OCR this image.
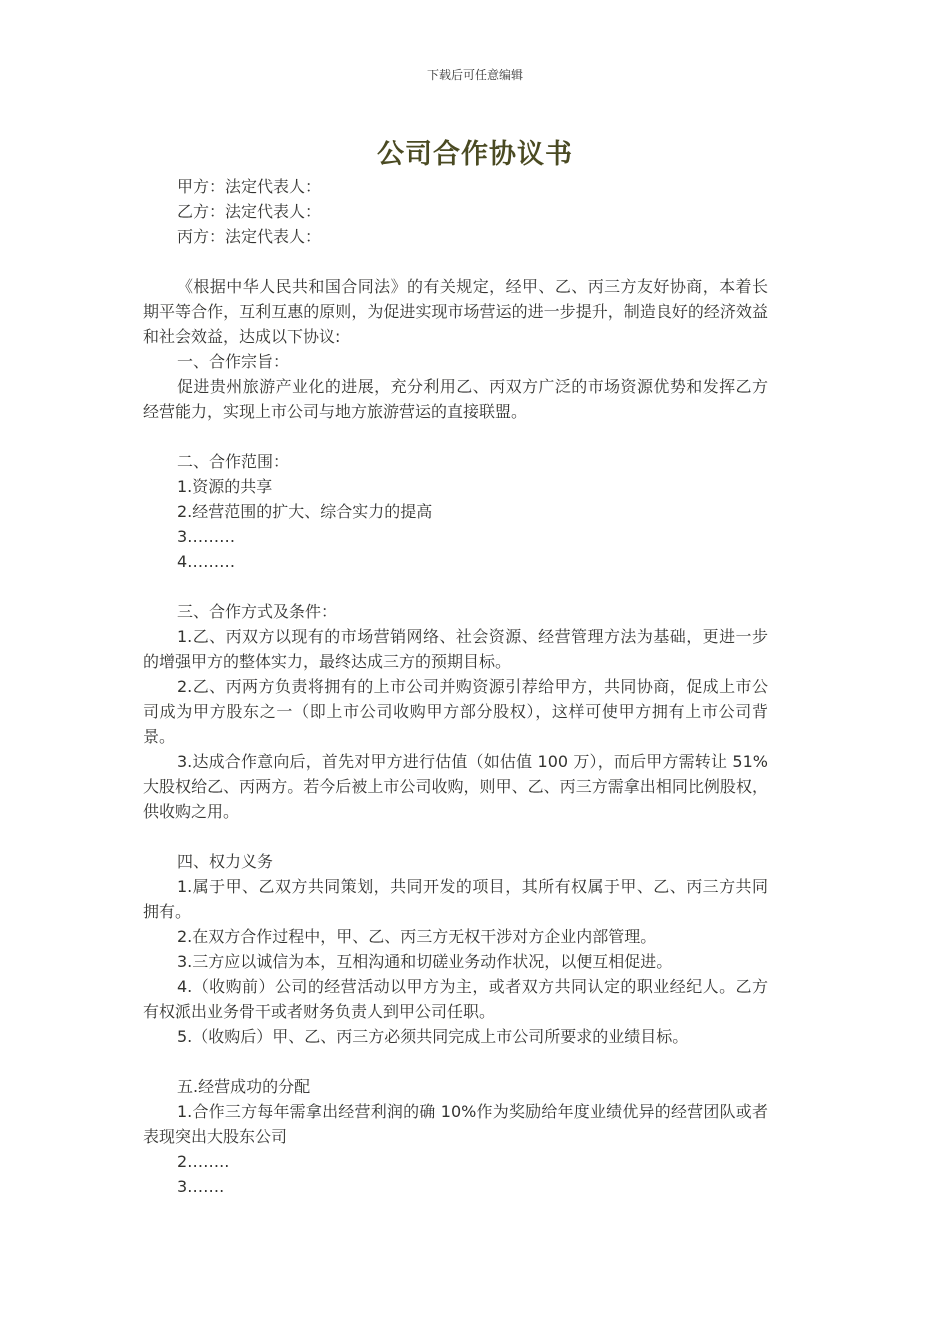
下载后可任意编辑
公司合作协议书
甲方：法定代表人：
乙方：法定代表人：
丙方：法定代表人：
《根据中华人民共和国合同法》的有关规定，经甲、乙、丙三方友好协商，本着长期平等合作，互利互惠的原则，为促进实现市场营运的进一步提升，制造良好的经济效益和社会效益，达成以下协议:
一、合作宗旨：
促进贵州旅游产业化的进展，充分利用乙、丙双方广泛的市场资源优势和发挥乙方经营能力，实现上市公司与地方旅游营运的直接联盟。
二、合作范围：
1.资源的共享
2.经营范围的扩大、综合实力的提高
3………
4………
三、合作方式及条件：
1.乙、丙双方以现有的市场营销网络、社会资源、经营管理方法为基础，更进一步的增强甲方的整体实力，最终达成三方的预期目标。
2.乙、丙两方负责将拥有的上市公司并购资源引荐给甲方，共同协商，促成上市公司成为甲方股东之一（即上市公司收购甲方部分股权），这样可使甲方拥有上市公司背景。
3.达成合作意向后，首先对甲方进行估值（如估值 100 万），而后甲方需转让 51%大股权给乙、丙两方。若今后被上市公司收购，则甲、乙、丙三方需拿出相同比例股权，供收购之用。
四、权力义务
1.属于甲、乙双方共同策划，共同开发的项目，其所有权属于甲、乙、丙三方共同拥有。
2.在双方合作过程中，甲、乙、丙三方无权干涉对方企业内部管理。
3.三方应以诚信为本，互相沟通和切磋业务动作状况，以便互相促进。
4.（收购前）公司的经营活动以甲方为主，或者双方共同认定的职业经纪人。乙方有权派出业务骨干或者财务负责人到甲公司任职。
5.（收购后）甲、乙、丙三方必须共同完成上市公司所要求的业绩目标。
五.经营成功的分配
1.合作三方每年需拿出经营利润的确 10%作为奖励给年度业绩优异的经营团队或者表现突出大股东公司
2……..
3…….
